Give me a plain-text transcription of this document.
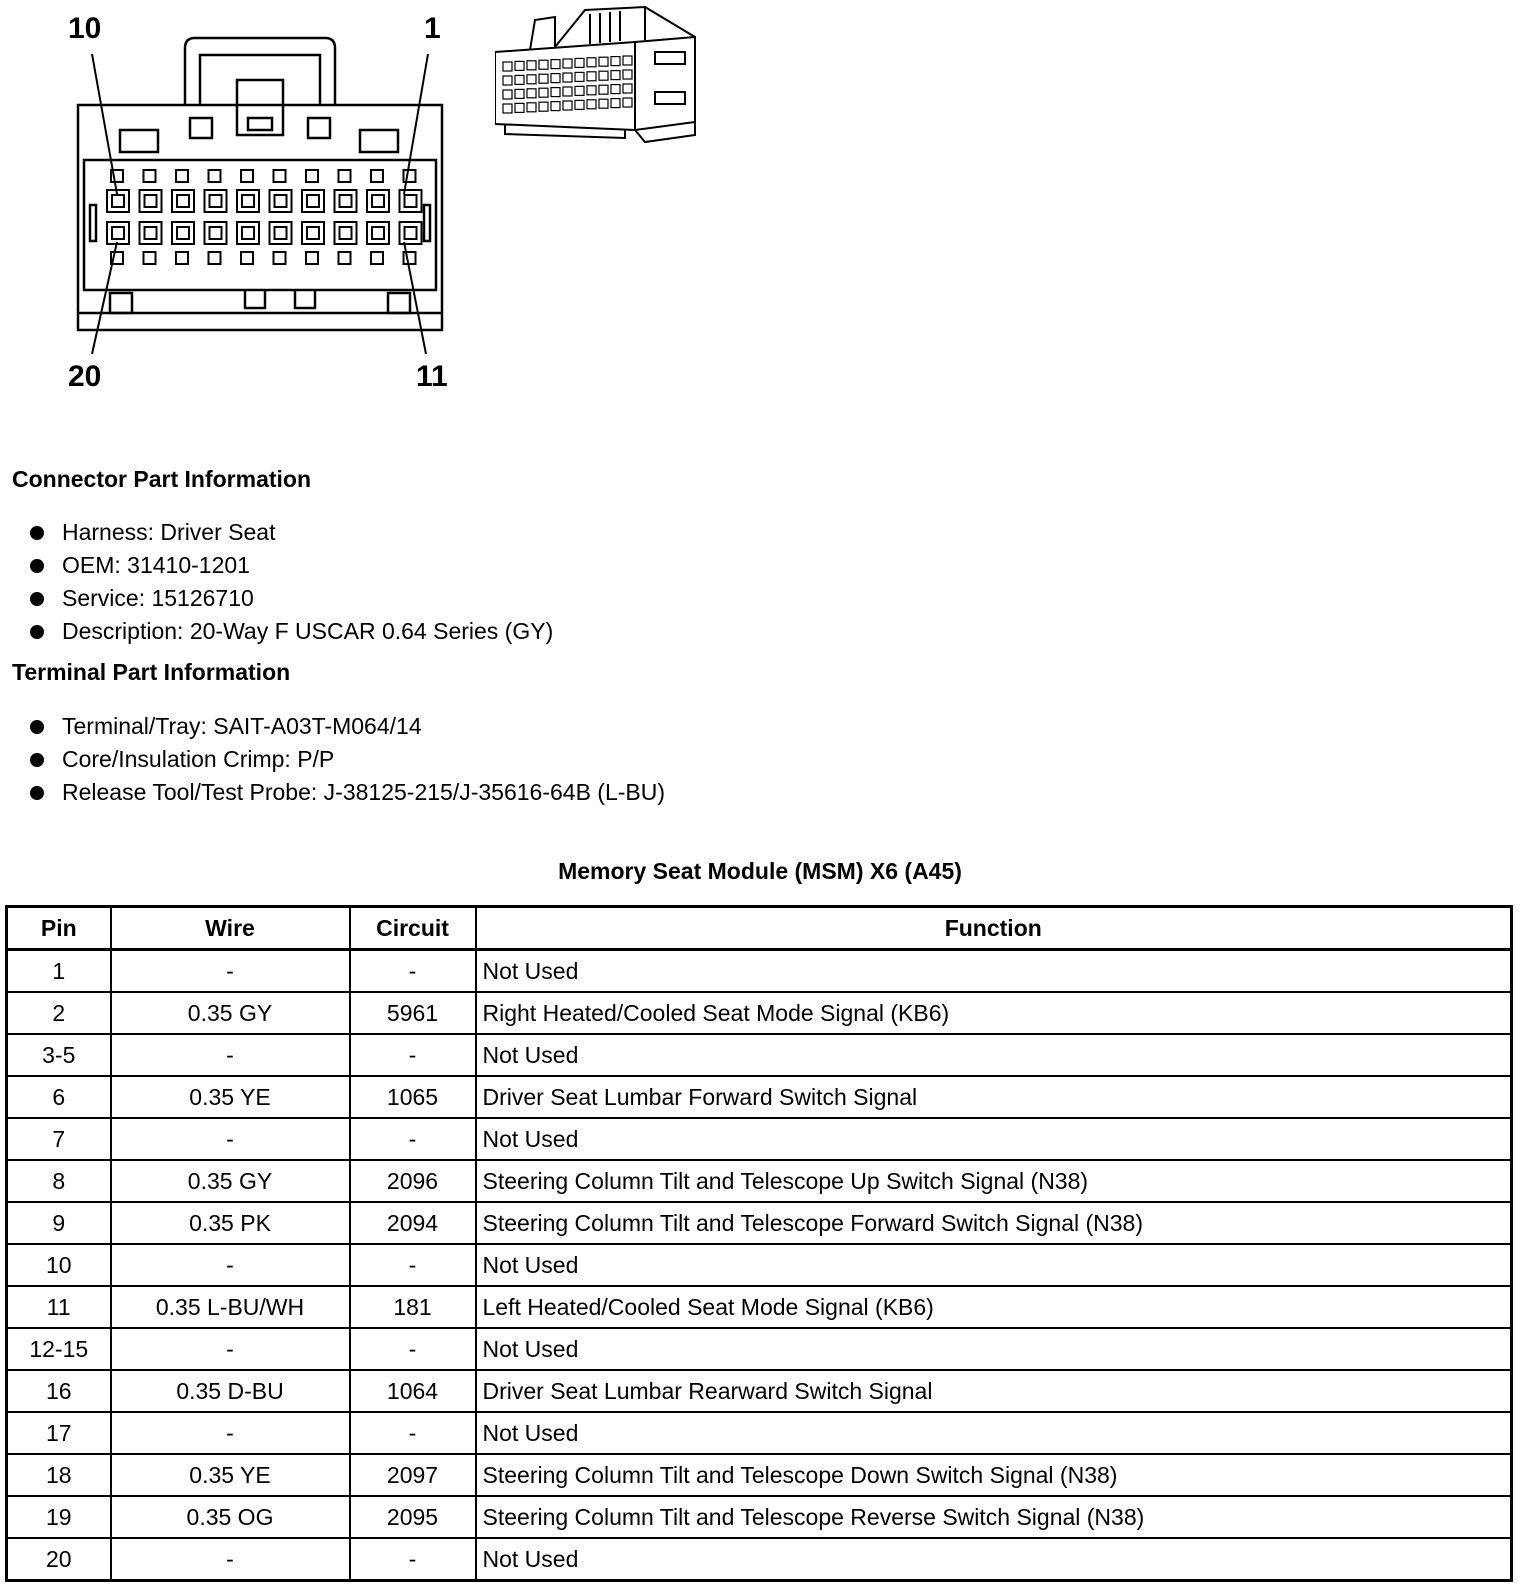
10	1
20	11
Connector Part Information
Harness: Driver Seat
OEM: 31410-1201
Service: 15126710
Description: 20-Way F USCAR 0.64 Series (GY)
Terminal Part Information
Terminal/Tray: SAIT-A03T-M064/14
Core/Insulation Crimp: P/P
Release Tool/Test Probe: J-38125-215/J-35616-64B (L-BU)
Memory Seat Module (MSM) X6 (A45)
Pin	Wire	Circuit	Function
1	-	-	Not Used
2	0.35 GY	5961	Right Heated/Cooled Seat Mode Signal (KB6)
3-5	-	-	Not Used
6	0.35 YE	1065	Driver Seat Lumbar Forward Switch Signal
7	-	-	Not Used
8	0.35 GY	2096	Steering Column Tilt and Telescope Up Switch Signal (N38)
9	0.35 PK	2094	Steering Column Tilt and Telescope Forward Switch Signal (N38)
10	-	-	Not Used
11	0.35 L-BU/WH	181	Left Heated/Cooled Seat Mode Signal (KB6)
12-15	-	-	Not Used
16	0.35 D-BU	1064	Driver Seat Lumbar Rearward Switch Signal
17	-	-	Not Used
18	0.35 YE	2097	Steering Column Tilt and Telescope Down Switch Signal (N38)
19	0.35 OG	2095	Steering Column Tilt and Telescope Reverse Switch Signal (N38)
20	-	-	Not Used
